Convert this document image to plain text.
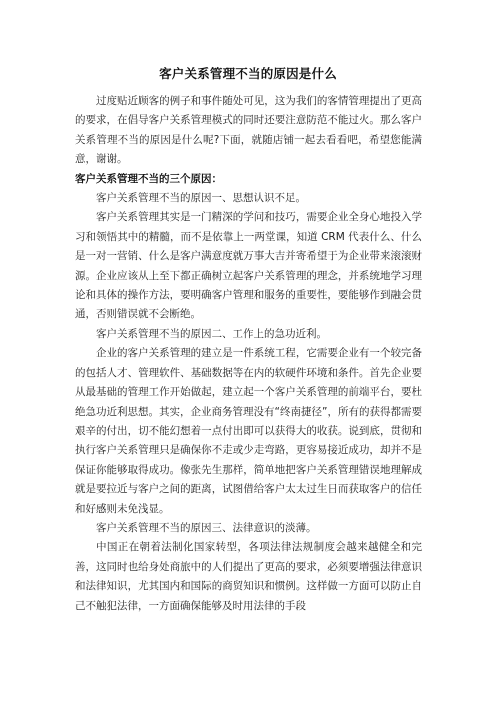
客户关系管理不当的原因是什么

过度贴近顾客的例子和事件随处可见，这为我们的客情管理提出了更高的要求，在倡导客户关系管理模式的同时还要注意防范不能过火。那么客户关系管理不当的原因是什么呢?下面，就随店铺一起去看看吧，希望您能满意，谢谢。

客户关系管理不当的三个原因：

客户关系管理不当的原因一、思想认识不足。

客户关系管理其实是一门精深的学问和技巧，需要企业全身心地投入学习和领悟其中的精髓，而不是依靠上一两堂课，知道 CRM 代表什么、什么是一对一营销、什么是客户满意度就万事大吉并寄希望于为企业带来滚滚财源。企业应该从上至下都正确树立起客户关系管理的理念，并系统地学习理论和具体的操作方法，要明确客户管理和服务的重要性，要能够作到融会贯通，否则错误就不会断绝。

客户关系管理不当的原因二、工作上的急功近利。

企业的客户关系管理的建立是一件系统工程，它需要企业有一个较完备的包括人才、管理软件、基础数据等在内的软硬件环境和条件。首先企业要从最基础的管理工作开始做起，建立起一个客户关系管理的前端平台，要杜绝急功近利思想。其实，企业商务管理没有“终南捷径”，所有的获得都需要艰辛的付出，切不能幻想着一点付出即可以获得大的收获。说到底，贯彻和执行客户关系管理只是确保你不走或少走弯路，更容易接近成功，却并不是保证你能够取得成功。像张先生那样，简单地把客户关系管理错误地理解成就是要拉近与客户之间的距离，试图借给客户太太过生日而获取客户的信任和好感则未免浅显。

客户关系管理不当的原因三、法律意识的淡薄。

中国正在朝着法制化国家转型，各项法律法规制度会越来越健全和完善，这同时也给身处商旅中的人们提出了更高的要求，必须要增强法律意识和法律知识，尤其国内和国际的商贸知识和惯例。这样做一方面可以防止自己不触犯法律，一方面确保能够及时用法律的手段
